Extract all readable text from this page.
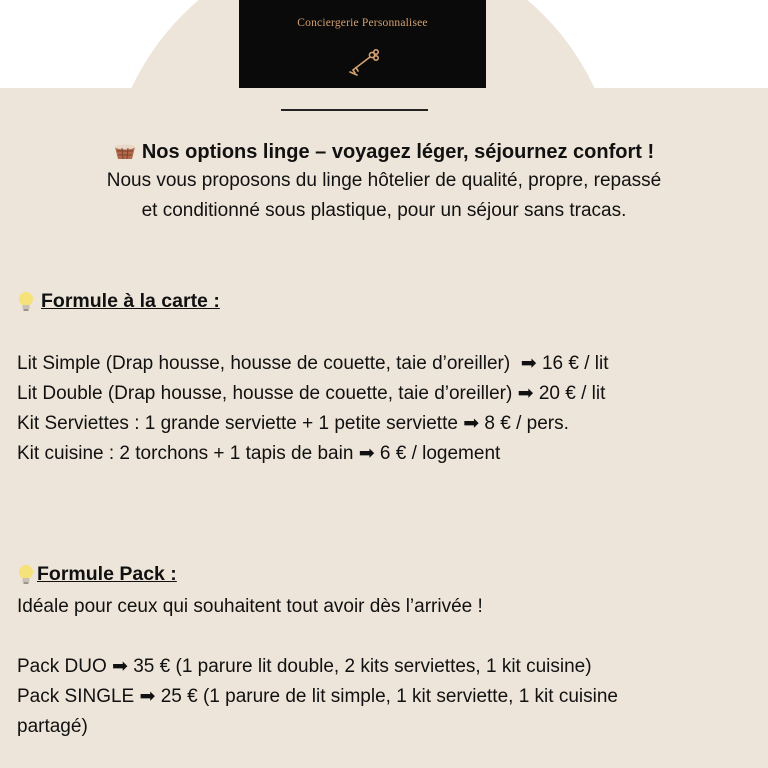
Conciergerie Personnalisee
Nos options linge – voyagez léger, séjournez confort !
Nous vous proposons du linge hôtelier de qualité, propre, repassé
et conditionné sous plastique, pour un séjour sans tracas.
Formule à la carte :
Lit Simple (Drap housse, housse de couette, taie d’oreiller) ➡ 16 € / lit
Lit Double (Drap housse, housse de couette, taie d’oreiller) ➡ 20 € / lit
Kit Serviettes : 1 grande serviette + 1 petite serviette ➡ 8 € / pers.
Kit cuisine : 2 torchons + 1 tapis de bain ➡ 6 € / logement
Formule Pack :
Idéale pour ceux qui souhaitent tout avoir dès l’arrivée !
Pack DUO ➡ 35 € (1 parure lit double, 2 kits serviettes, 1 kit cuisine)
Pack SINGLE ➡ 25 € (1 parure de lit simple, 1 kit serviette, 1 kit cuisine
partagé)
